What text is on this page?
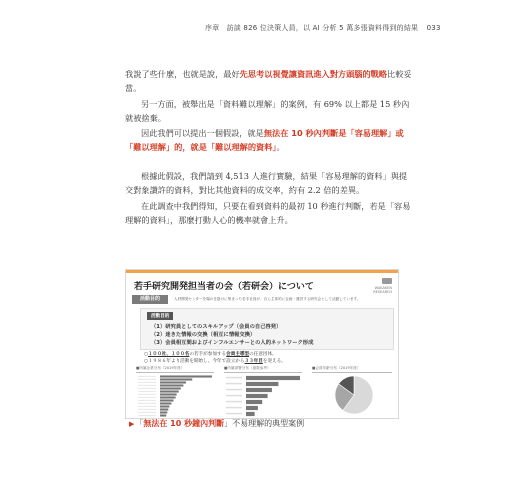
序章　訪談 826 位決策人員，以 AI 分析 5 萬多張資料得到的結果 033

我說了些什麼，也就是說，最好先思考以視覺讓資訊進入對方頭腦的戰略比較妥當。

另一方面，被舉出是「資料難以理解」的案例，有 69% 以上都是 15 秒內就被捨棄。

因此我們可以提出一個假設，就是無法在 10 秒內判斷是「容易理解」或「難以理解」的，就是「難以理解的資料」。

根據此假設，我們請到 4,513 人進行實驗，結果「容易理解的資料」與提交對象讚許的資料，對比其他資料的成交率，約有 2.2 倍的差異。

在此調查中我們得知，只要在看到資料的最初 10 秒進行判斷，若是「容易理解的資料」，那麼打動人心的機率就會上升。

若手研究開発担当者の会（若研会）について	WAKAKEN RESEARCH
活動目的	人材開発センターを場の仕掛けに集まった若手社員が、自ら主体的に企画・運営する研究会として活動しています。
活動目的
（1）研究員としてのスキルアップ（会員の自己啓発）
（2）迷きた情報の交換（相互に情報交換）
（3）会員相互間およびインフルエンサーとの人的ネットワーク形成
○１００社、１００名の若手が参加する会員主導型の任意団体。
○１９８６年より活動を開始し、今年で設立から３３年目を迎える。
■所属企業分布（2019年度）	■所属部署分布（複数参考）	■会員年齢分布（2019年度）
▶「無法在 10 秒鐘內判斷」不易理解的典型案例
